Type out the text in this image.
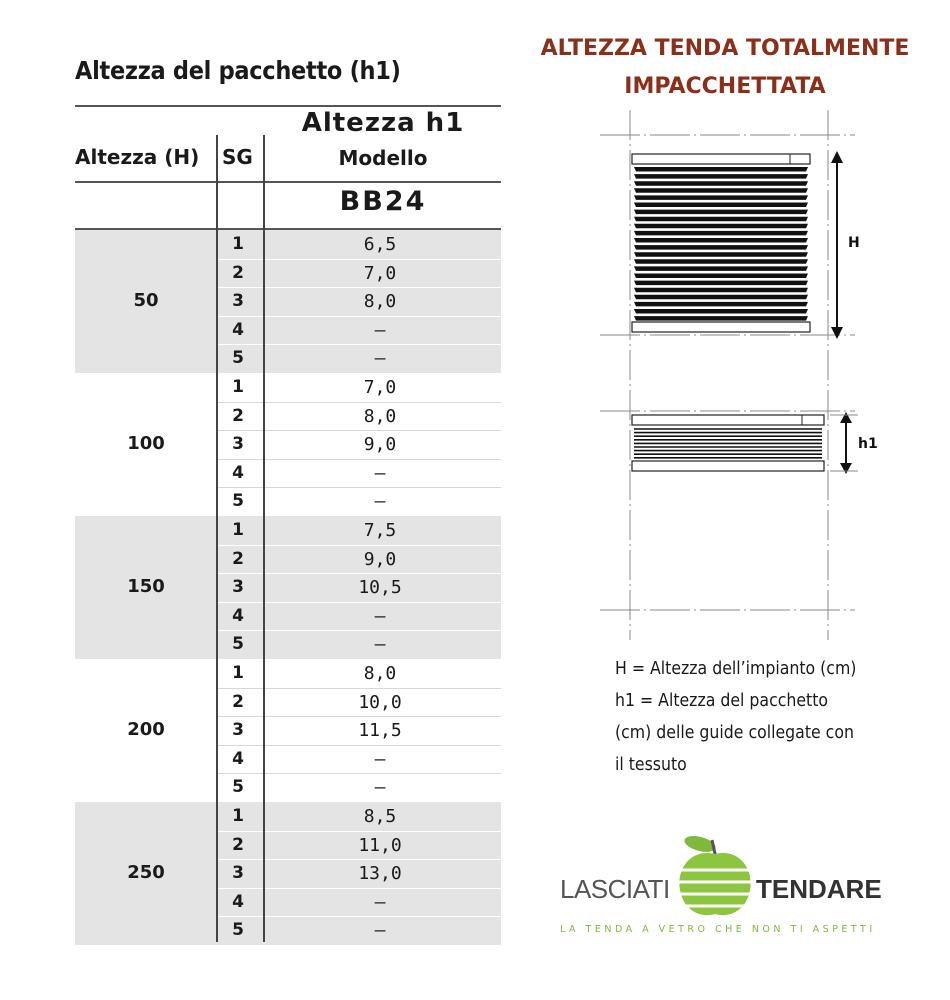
Altezza del pacchetto (h1)
Altezza (H) SG
Altezza h1
Modello
BB24
50
1	6,5
2	7,0
3	8,0
4	–
5	–
100
1	7,0
2	8,0
3	9,0
4	–
5	–
150
1	7,5
2	9,0
3	10,5
4	–
5	–
200
1	8,0
2	10,0
3	11,5
4	–
5	–
250
1	8,5
2	11,0
3	13,0
4	–
5	–
ALTEZZA TENDA TOTALMENTE
IMPACCHETTATA
H
h1
H = Altezza dell’impianto (cm)
h1 = Altezza del pacchetto
(cm) delle guide collegate con
il tessuto
LASCIATI	TENDARE
LA TENDA A VETRO CHE NON TI ASPETTI
